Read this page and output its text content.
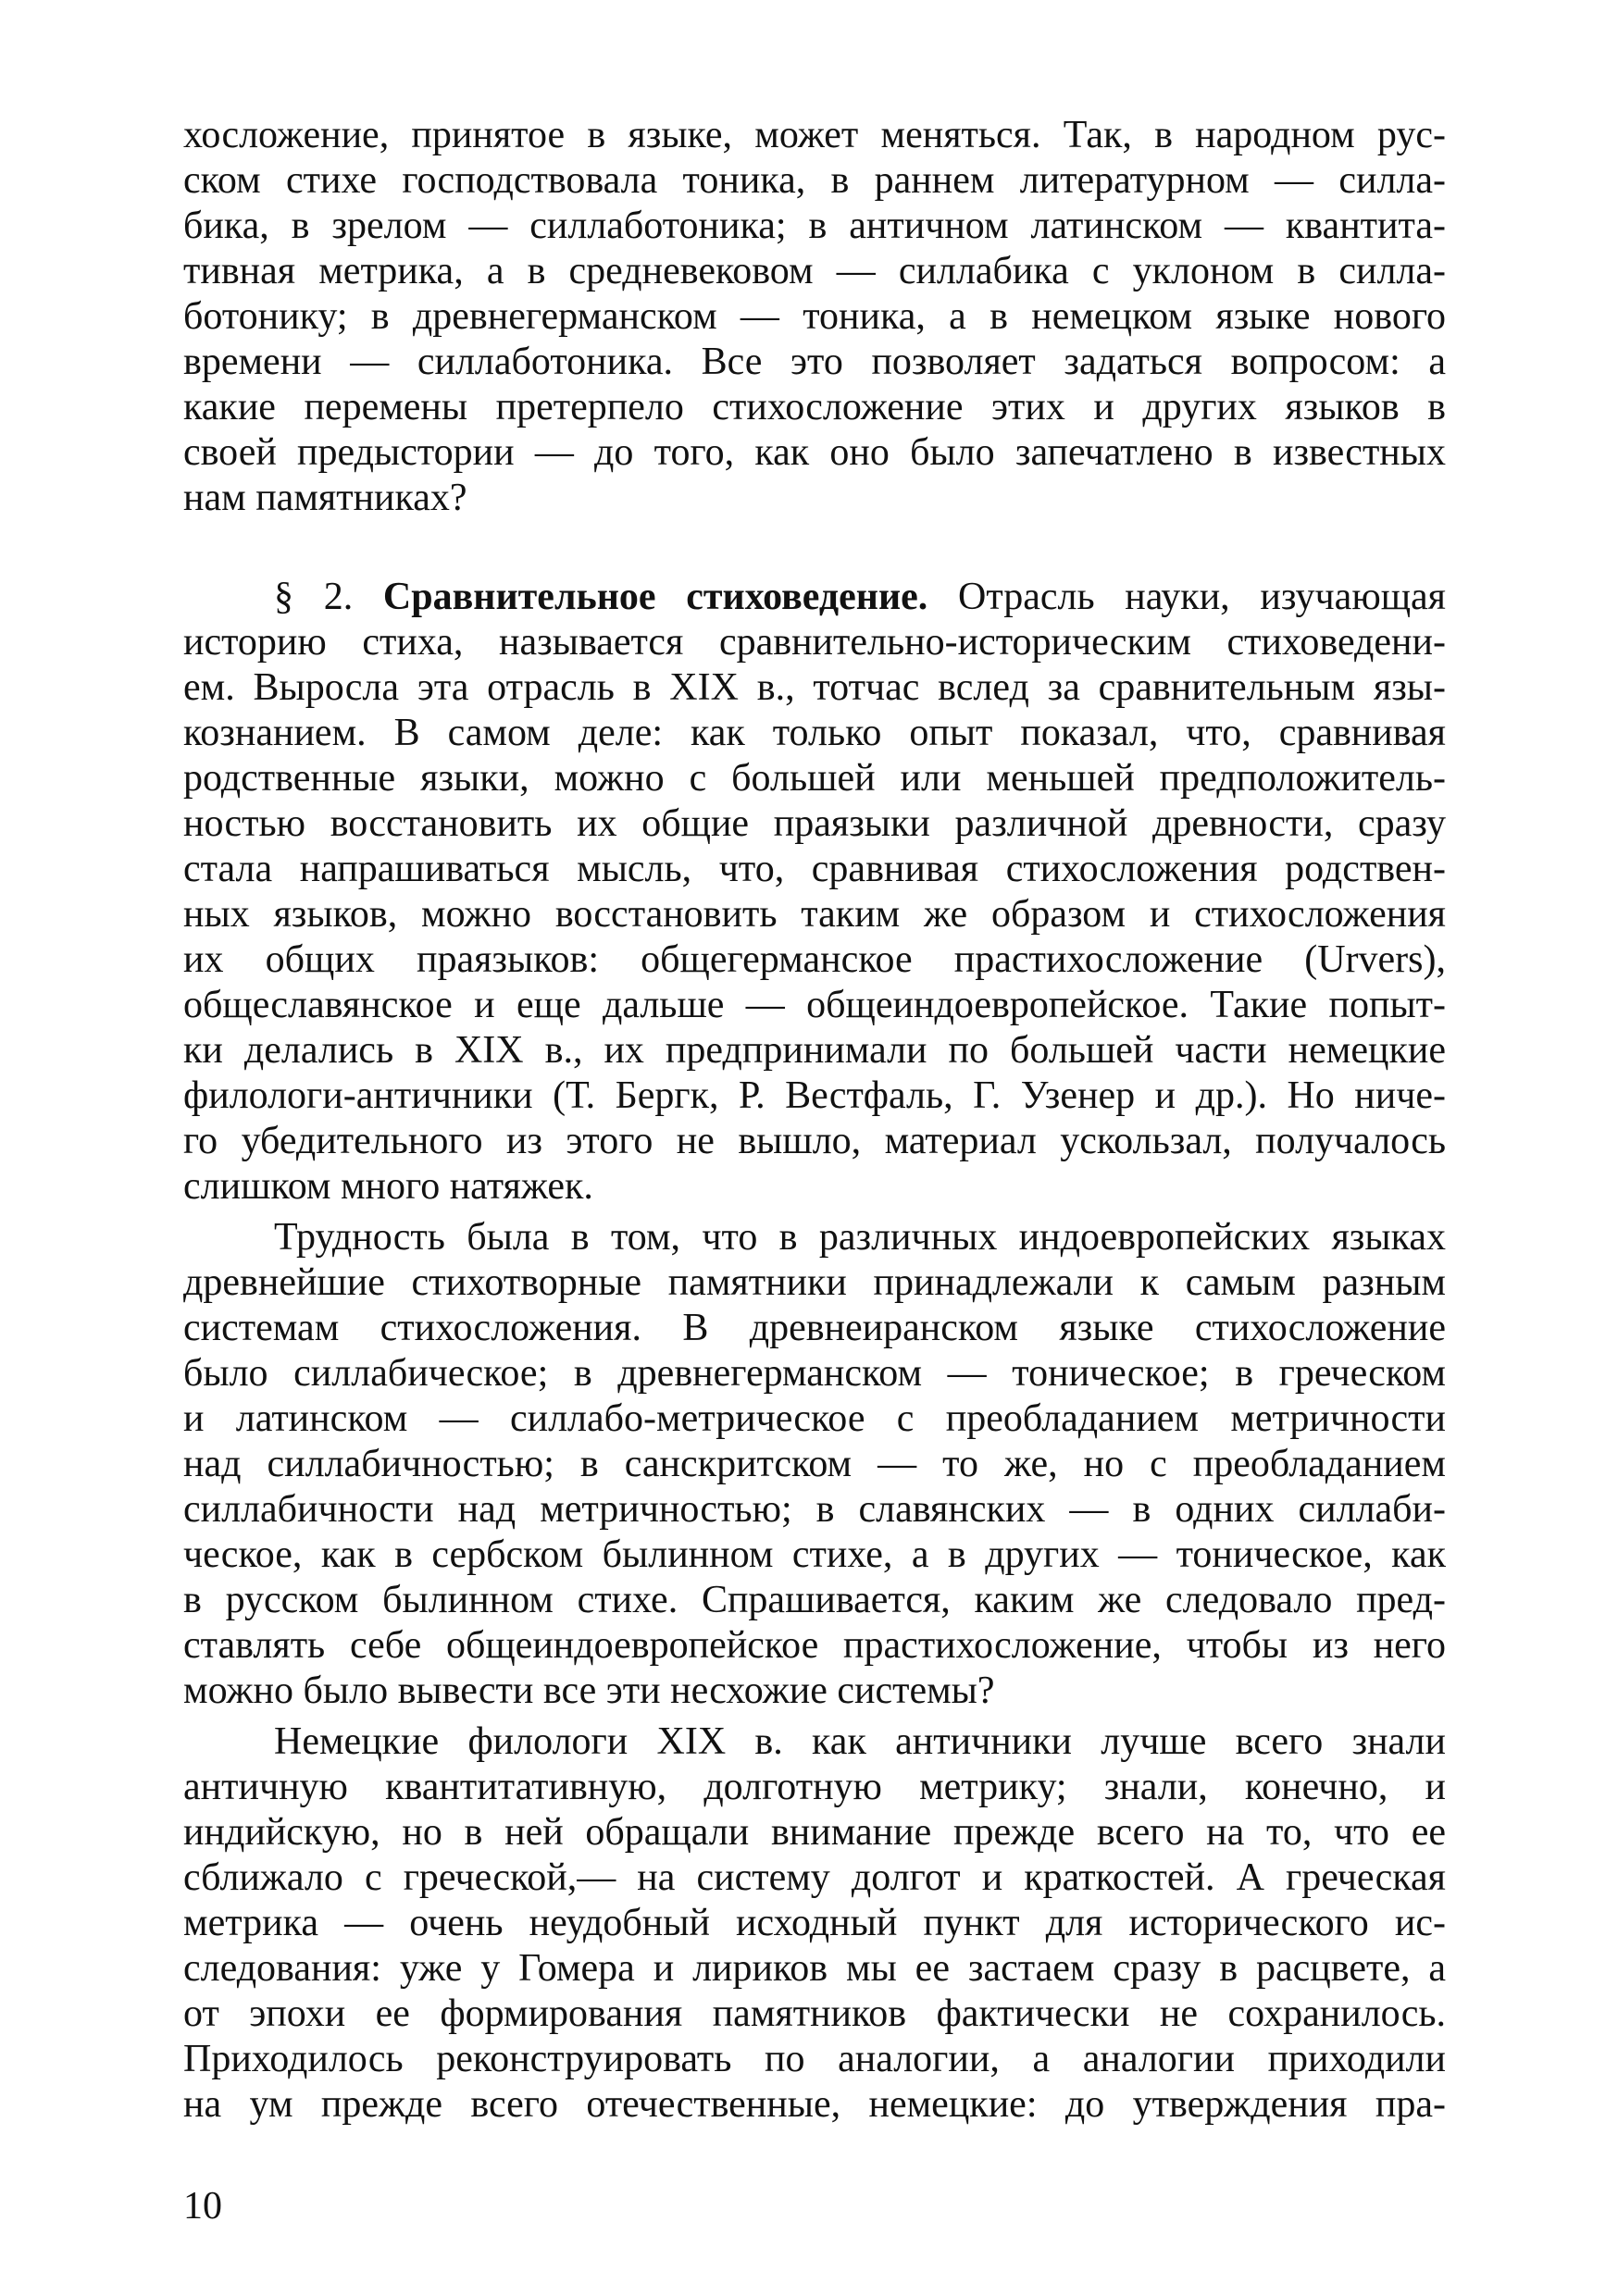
хосложение, принятое в языке, может меняться. Так, в народном рус-
ском стихе господствовала тоника, в раннем литературном — силла-
бика, в зрелом — силлаботоника; в античном латинском — квантита-
тивная метрика, а в средневековом — силлабика с уклоном в силла-
ботонику; в древнегерманском — тоника, а в немецком языке нового
времени — силлаботоника. Все это позволяет задаться вопросом: а
какие перемены претерпело стихосложение этих и других языков в
своей предыстории — до того, как оно было запечатлено в известных
нам памятниках?
§ 2. Сравнительное стиховедение. Отрасль науки, изучающая
историю стиха, называется сравнительно-историческим стиховедени-
ем. Выросла эта отрасль в XIX в., тотчас вслед за сравнительным язы-
кознанием. В самом деле: как только опыт показал, что, сравнивая
родственные языки, можно с большей или меньшей предположитель-
ностью восстановить их общие праязыки различной древности, сразу
стала напрашиваться мысль, что, сравнивая стихосложения родствен-
ных языков, можно восстановить таким же образом и стихосложения
их общих праязыков: общегерманское прастихосложение (Urvers),
общеславянское и еще дальше — общеиндоевропейское. Такие попыт-
ки делались в XIX в., их предпринимали по большей части немецкие
филологи-античники (Т. Бергк, Р. Вестфаль, Г. Узенер и др.). Но ниче-
го убедительного из этого не вышло, материал ускользал, получалось
слишком много натяжек.
Трудность была в том, что в различных индоевропейских языках
древнейшие стихотворные памятники принадлежали к самым разным
системам стихосложения. В древнеиранском языке стихосложение
было силлабическое; в древнегерманском — тоническое; в греческом
и латинском — силлабо-метрическое с преобладанием метричности
над силлабичностью; в санскритском — то же, но с преобладанием
силлабичности над метричностью; в славянских — в одних силлаби-
ческое, как в сербском былинном стихе, а в других — тоническое, как
в русском былинном стихе. Спрашивается, каким же следовало пред-
ставлять себе общеиндоевропейское прастихосложение, чтобы из него
можно было вывести все эти несхожие системы?
Немецкие филологи XIX в. как античники лучше всего знали
античную квантитативную, долготную метрику; знали, конечно, и
индийскую, но в ней обращали внимание прежде всего на то, что ее
сближало с греческой,— на систему долгот и краткостей. А греческая
метрика — очень неудобный исходный пункт для исторического ис-
следования: уже у Гомера и лириков мы ее застаем сразу в расцвете, а
от эпохи ее формирования памятников фактически не сохранилось.
Приходилось реконструировать по аналогии, а аналогии приходили
на ум прежде всего отечественные, немецкие: до утверждения пра-
10
